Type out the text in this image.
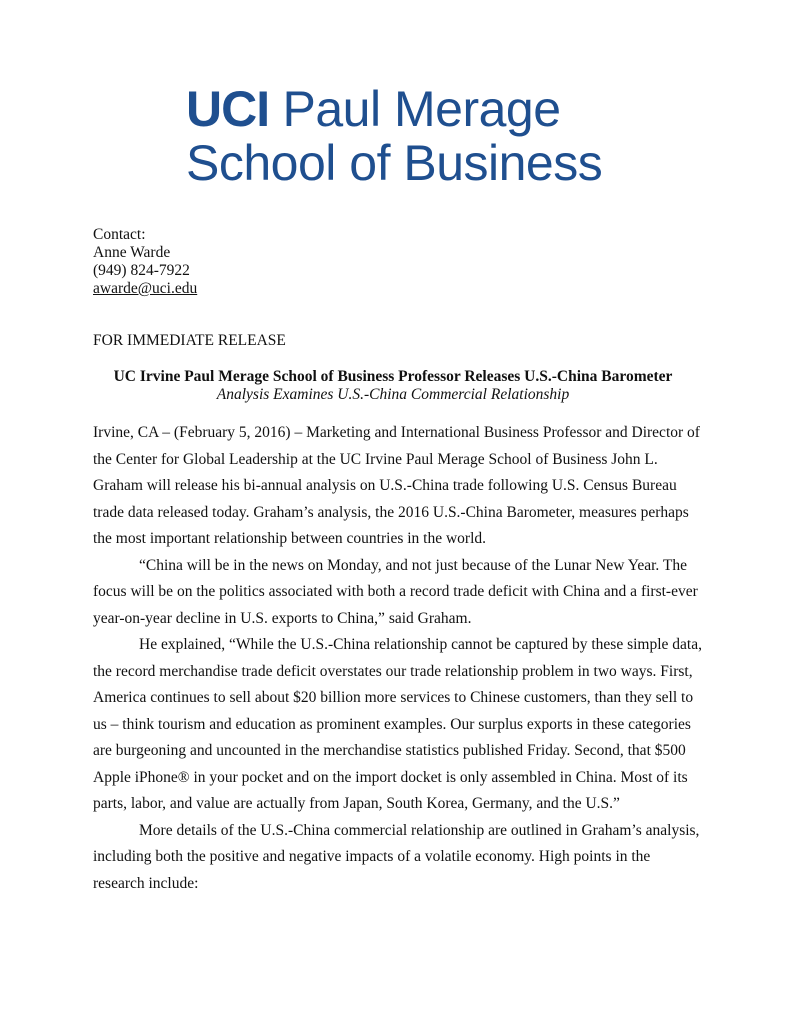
UCI Paul Merage
School of Business
Contact:
Anne Warde
(949) 824-7922
awarde@uci.edu
FOR IMMEDIATE RELEASE
UC Irvine Paul Merage School of Business Professor Releases U.S.-China Barometer
Analysis Examines U.S.-China Commercial Relationship

Irvine, CA – (February 5, 2016) – Marketing and International Business Professor and Director of the Center for Global Leadership at the UC Irvine Paul Merage School of Business John L. Graham will release his bi-annual analysis on U.S.-China trade following U.S. Census Bureau trade data released today. Graham’s analysis, the 2016 U.S.-China Barometer, measures perhaps the most important relationship between countries in the world.

“China will be in the news on Monday, and not just because of the Lunar New Year. The focus will be on the politics associated with both a record trade deficit with China and a first-ever year-on-year decline in U.S. exports to China,” said Graham.

He explained, “While the U.S.-China relationship cannot be captured by these simple data, the record merchandise trade deficit overstates our trade relationship problem in two ways. First, America continues to sell about $20 billion more services to Chinese customers, than they sell to us – think tourism and education as prominent examples. Our surplus exports in these categories are burgeoning and uncounted in the merchandise statistics published Friday. Second, that $500 Apple iPhone® in your pocket and on the import docket is only assembled in China. Most of its parts, labor, and value are actually from Japan, South Korea, Germany, and the U.S.”

More details of the U.S.-China commercial relationship are outlined in Graham’s analysis, including both the positive and negative impacts of a volatile economy. High points in the research include:
